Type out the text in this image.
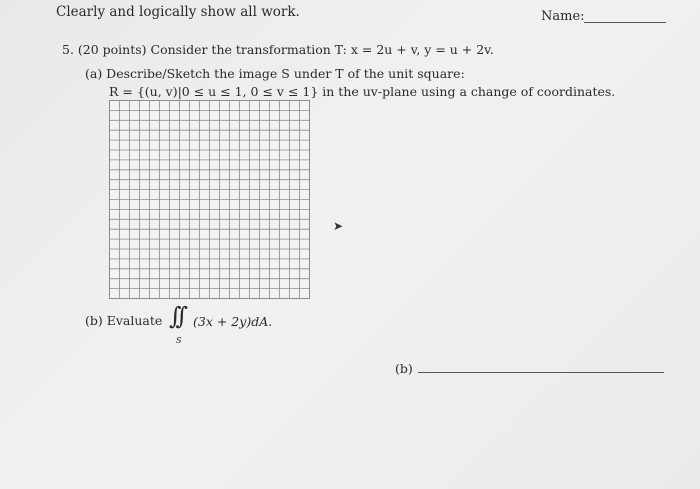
Clearly and logically show all work.	Name:
5. (20 points) Consider the transformation T: x = 2u + v, y = u + 2v.
(a) Describe/Sketch the image S under T of the unit square:
R = {(u, v)|0 ≤ u ≤ 1, 0 ≤ v ≤ 1} in the uv-plane using a change of coordinates.
➤
(b) Evaluate ∫∫
S
(3x + 2y)dA.
(b)
